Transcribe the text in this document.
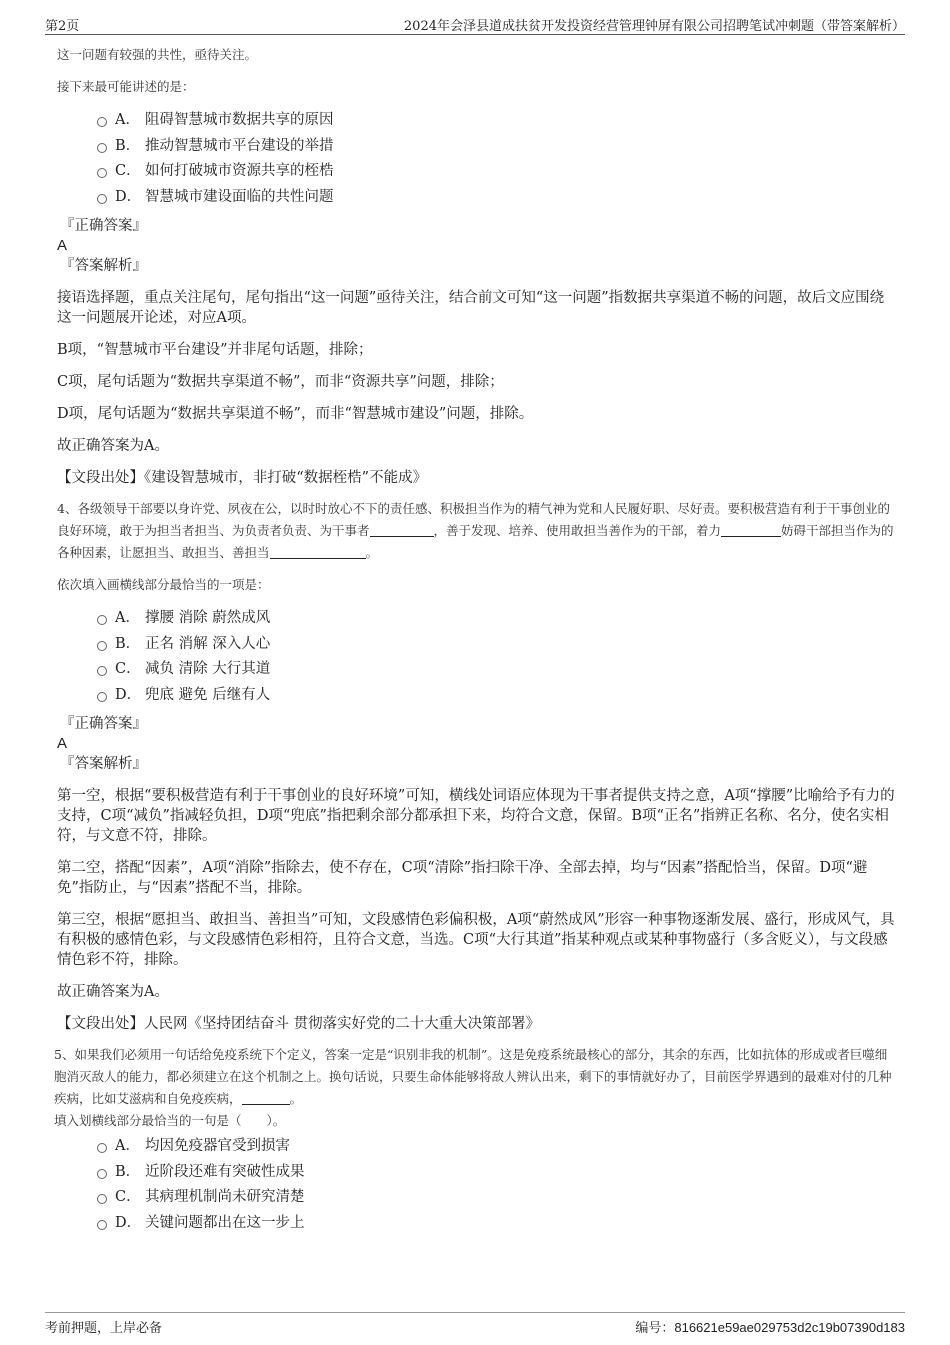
第2页	2024年会泽县道成扶贫开发投资经营管理钟屏有限公司招聘笔试冲刺题（带答案解析）
这一问题有较强的共性，亟待关注。
接下来最可能讲述的是：
A． 阻碍智慧城市数据共享的原因
B． 推动智慧城市平台建设的举措
C． 如何打破城市资源共享的桎梏
D． 智慧城市建设面临的共性问题
『正确答案』
A
『答案解析』
接语选择题，重点关注尾句，尾句指出“这一问题”亟待关注，结合前文可知“这一问题”指数据共享渠道不畅的问题，故后文应围绕这一问题展开论述，对应A项。
B项，“智慧城市平台建设”并非尾句话题，排除；
C项，尾句话题为“数据共享渠道不畅”，而非“资源共享”问题，排除；
D项，尾句话题为“数据共享渠道不畅”，而非“智慧城市建设”问题，排除。
故正确答案为A。
【文段出处】《建设智慧城市，非打破“数据桎梏”不能成》
4、各级领导干部要以身许党、夙夜在公，以时时放心不下的责任感、积极担当作为的精气神为党和人民履好职、尽好责。要积极营造有利于干事创业的良好环境，敢于为担当者担当、为负责者负责、为干事者	，善于发现、培养、使用敢担当善作为的干部，着力	妨碍干部担当作为的各种因素，让愿担当、敢担当、善担当	。
依次填入画横线部分最恰当的一项是：
A． 撑腰 消除 蔚然成风
B． 正名 消解 深入人心
C． 减负 清除 大行其道
D． 兜底 避免 后继有人
『正确答案』
A
『答案解析』
第一空，根据“要积极营造有利于干事创业的良好环境”可知，横线处词语应体现为干事者提供支持之意，A项“撑腰”比喻给予有力的支持，C项“减负”指减轻负担，D项“兜底”指把剩余部分都承担下来，均符合文意，保留。B项“正名”指辨正名称、名分，使名实相符，与文意不符，排除。
第二空，搭配“因素”，A项“消除”指除去，使不存在，C项“清除”指扫除干净、全部去掉，均与“因素”搭配恰当，保留。D项“避免”指防止，与“因素”搭配不当，排除。
第三空，根据“愿担当、敢担当、善担当”可知，文段感情色彩偏积极，A项“蔚然成风”形容一种事物逐渐发展、盛行，形成风气，具有积极的感情色彩，与文段感情色彩相符，且符合文意，当选。C项“大行其道”指某种观点或某种事物盛行（多含贬义），与文段感情色彩不符，排除。
故正确答案为A。
【文段出处】人民网《坚持团结奋斗 贯彻落实好党的二十大重大决策部署》
5、如果我们必须用一句话给免疫系统下个定义，答案一定是“识别非我的机制”。这是免疫系统最核心的部分，其余的东西，比如抗体的形成或者巨噬细胞消灭敌人的能力，都必须建立在这个机制之上。换句话说，只要生命体能够将敌人辨认出来，剩下的事情就好办了，目前医学界遇到的最难对付的几种疾病，比如艾滋病和自免疫疾病，	。
填入划横线部分最恰当的一句是（　　）。
A． 均因免疫器官受到损害
B． 近阶段还难有突破性成果
C． 其病理机制尚未研究清楚
D． 关键问题都出在这一步上
考前押题，上岸必备	编号：816621e59ae029753d2c19b07390d183
